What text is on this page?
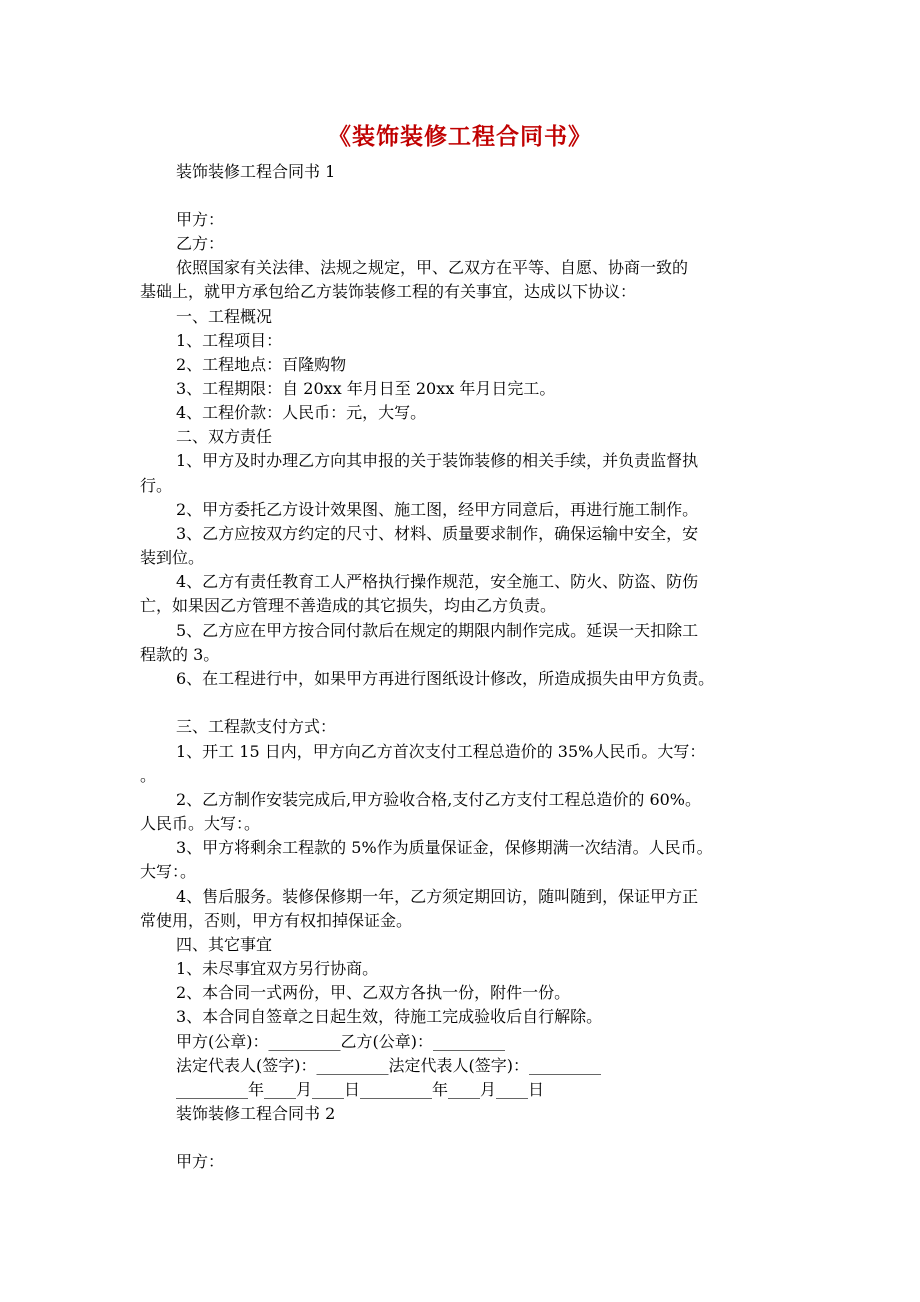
《装饰装修工程合同书》
装饰装修工程合同书 1
甲方：
乙方：
依照国家有关法律、法规之规定，甲、乙双方在平等、自愿、协商一致的
基础上，就甲方承包给乙方装饰装修工程的有关事宜，达成以下协议：
一、工程概况
1、工程项目：
2、工程地点：百隆购物
3、工程期限：自 20xx 年月日至 20xx 年月日完工。
4、工程价款：人民币：元，大写。
二、双方责任
1、甲方及时办理乙方向其申报的关于装饰装修的相关手续，并负责监督执
行。
2、甲方委托乙方设计效果图、施工图，经甲方同意后，再进行施工制作。
3、乙方应按双方约定的尺寸、材料、质量要求制作，确保运输中安全，安
装到位。
4、乙方有责任教育工人严格执行操作规范，安全施工、防火、防盗、防伤
亡，如果因乙方管理不善造成的其它损失，均由乙方负责。
5、乙方应在甲方按合同付款后在规定的期限内制作完成。延误一天扣除工
程款的 3。
6、在工程进行中，如果甲方再进行图纸设计修改，所造成损失由甲方负责。
三、工程款支付方式：
1、开工 15 日内，甲方向乙方首次支付工程总造价的 35%人民币。大写：
。
2、乙方制作安装完成后,甲方验收合格,支付乙方支付工程总造价的 60%。
人民币。大写：。
3、甲方将剩余工程款的 5%作为质量保证金，保修期满一次结清。人民币。
大写：。
4、售后服务。装修保修期一年，乙方须定期回访，随叫随到，保证甲方正
常使用，否则，甲方有权扣掉保证金。
四、其它事宜
1、未尽事宜双方另行协商。
2、本合同一式两份，甲、乙双方各执一份，附件一份。
3、本合同自签章之日起生效，待施工完成验收后自行解除。
甲方(公章)：_________乙方(公章)：_________
法定代表人(签字)：_________法定代表人(签字)：_________
_________年____月____日_________年____月____日
装饰装修工程合同书 2
甲方：
